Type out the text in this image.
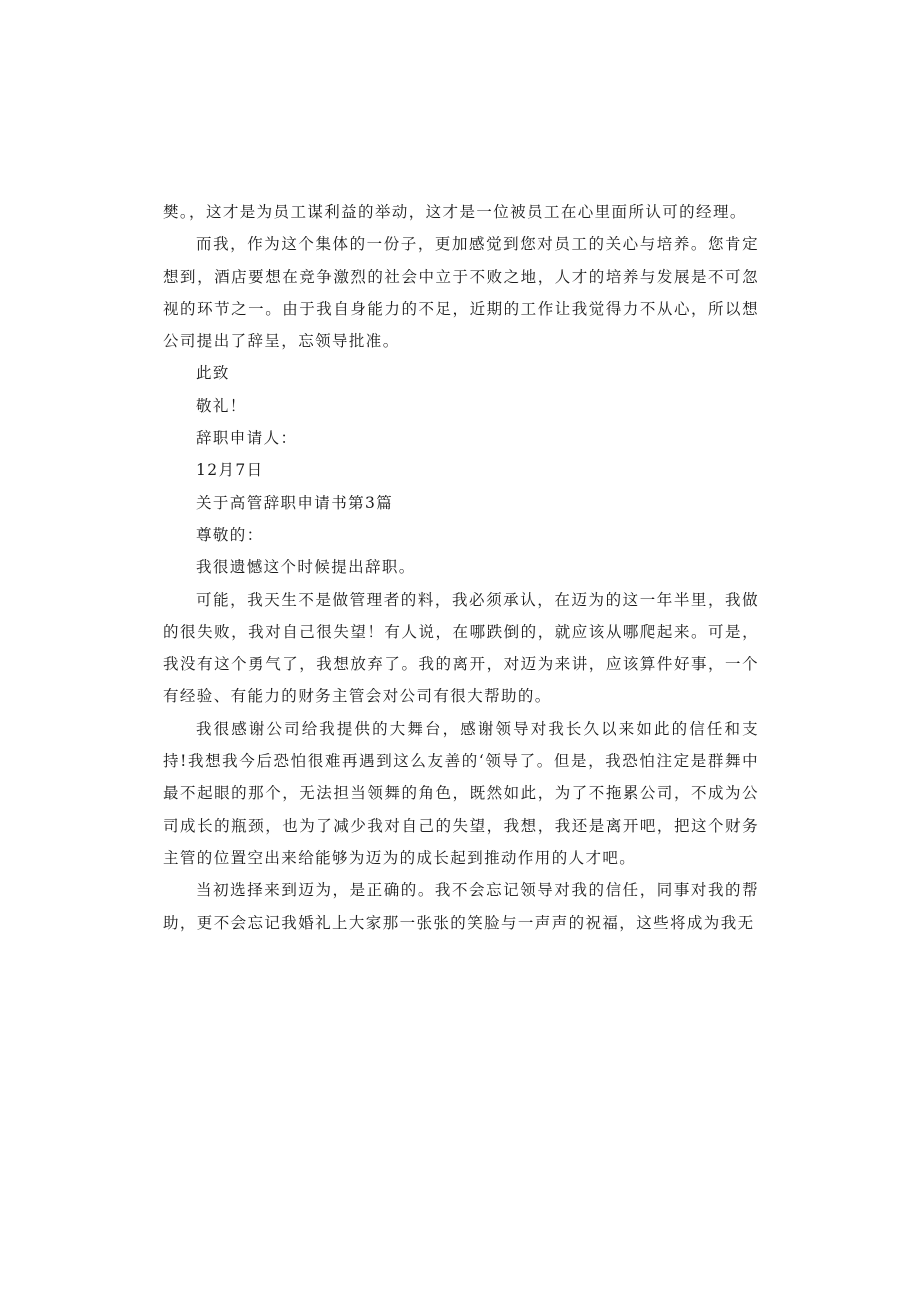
樊。，这才是为员工谋利益的举动，这才是一位被员工在心里面所认可的经理。

而我，作为这个集体的一份子，更加感觉到您对员工的关心与培养。您肯定想到，酒店要想在竞争激烈的社会中立于不败之地，人才的培养与发展是不可忽视的环节之一。由于我自身能力的不足，近期的工作让我觉得力不从心，所以想公司提出了辞呈，忘领导批准。

此致

敬礼！

辞职申请人：

12月7日

关于高管辞职申请书第3篇

尊敬的：

我很遗憾这个时候提出辞职。

可能，我天生不是做管理者的料，我必须承认，在迈为的这一年半里，我做的很失败，我对自己很失望！有人说，在哪跌倒的，就应该从哪爬起来。可是，我没有这个勇气了，我想放弃了。我的离开，对迈为来讲，应该算件好事，一个有经验、有能力的财务主管会对公司有很大帮助的。

我很感谢公司给我提供的大舞台，感谢领导对我长久以来如此的信任和支持!我想我今后恐怕很难再遇到这么友善的‘领导了。但是，我恐怕注定是群舞中最不起眼的那个，无法担当领舞的角色，既然如此，为了不拖累公司，不成为公司成长的瓶颈，也为了减少我对自己的失望，我想，我还是离开吧，把这个财务主管的位置空出来给能够为迈为的成长起到推动作用的人才吧。

当初选择来到迈为，是正确的。我不会忘记领导对我的信任，同事对我的帮助，更不会忘记我婚礼上大家那一张张的笑脸与一声声的祝福，这些将成为我无
